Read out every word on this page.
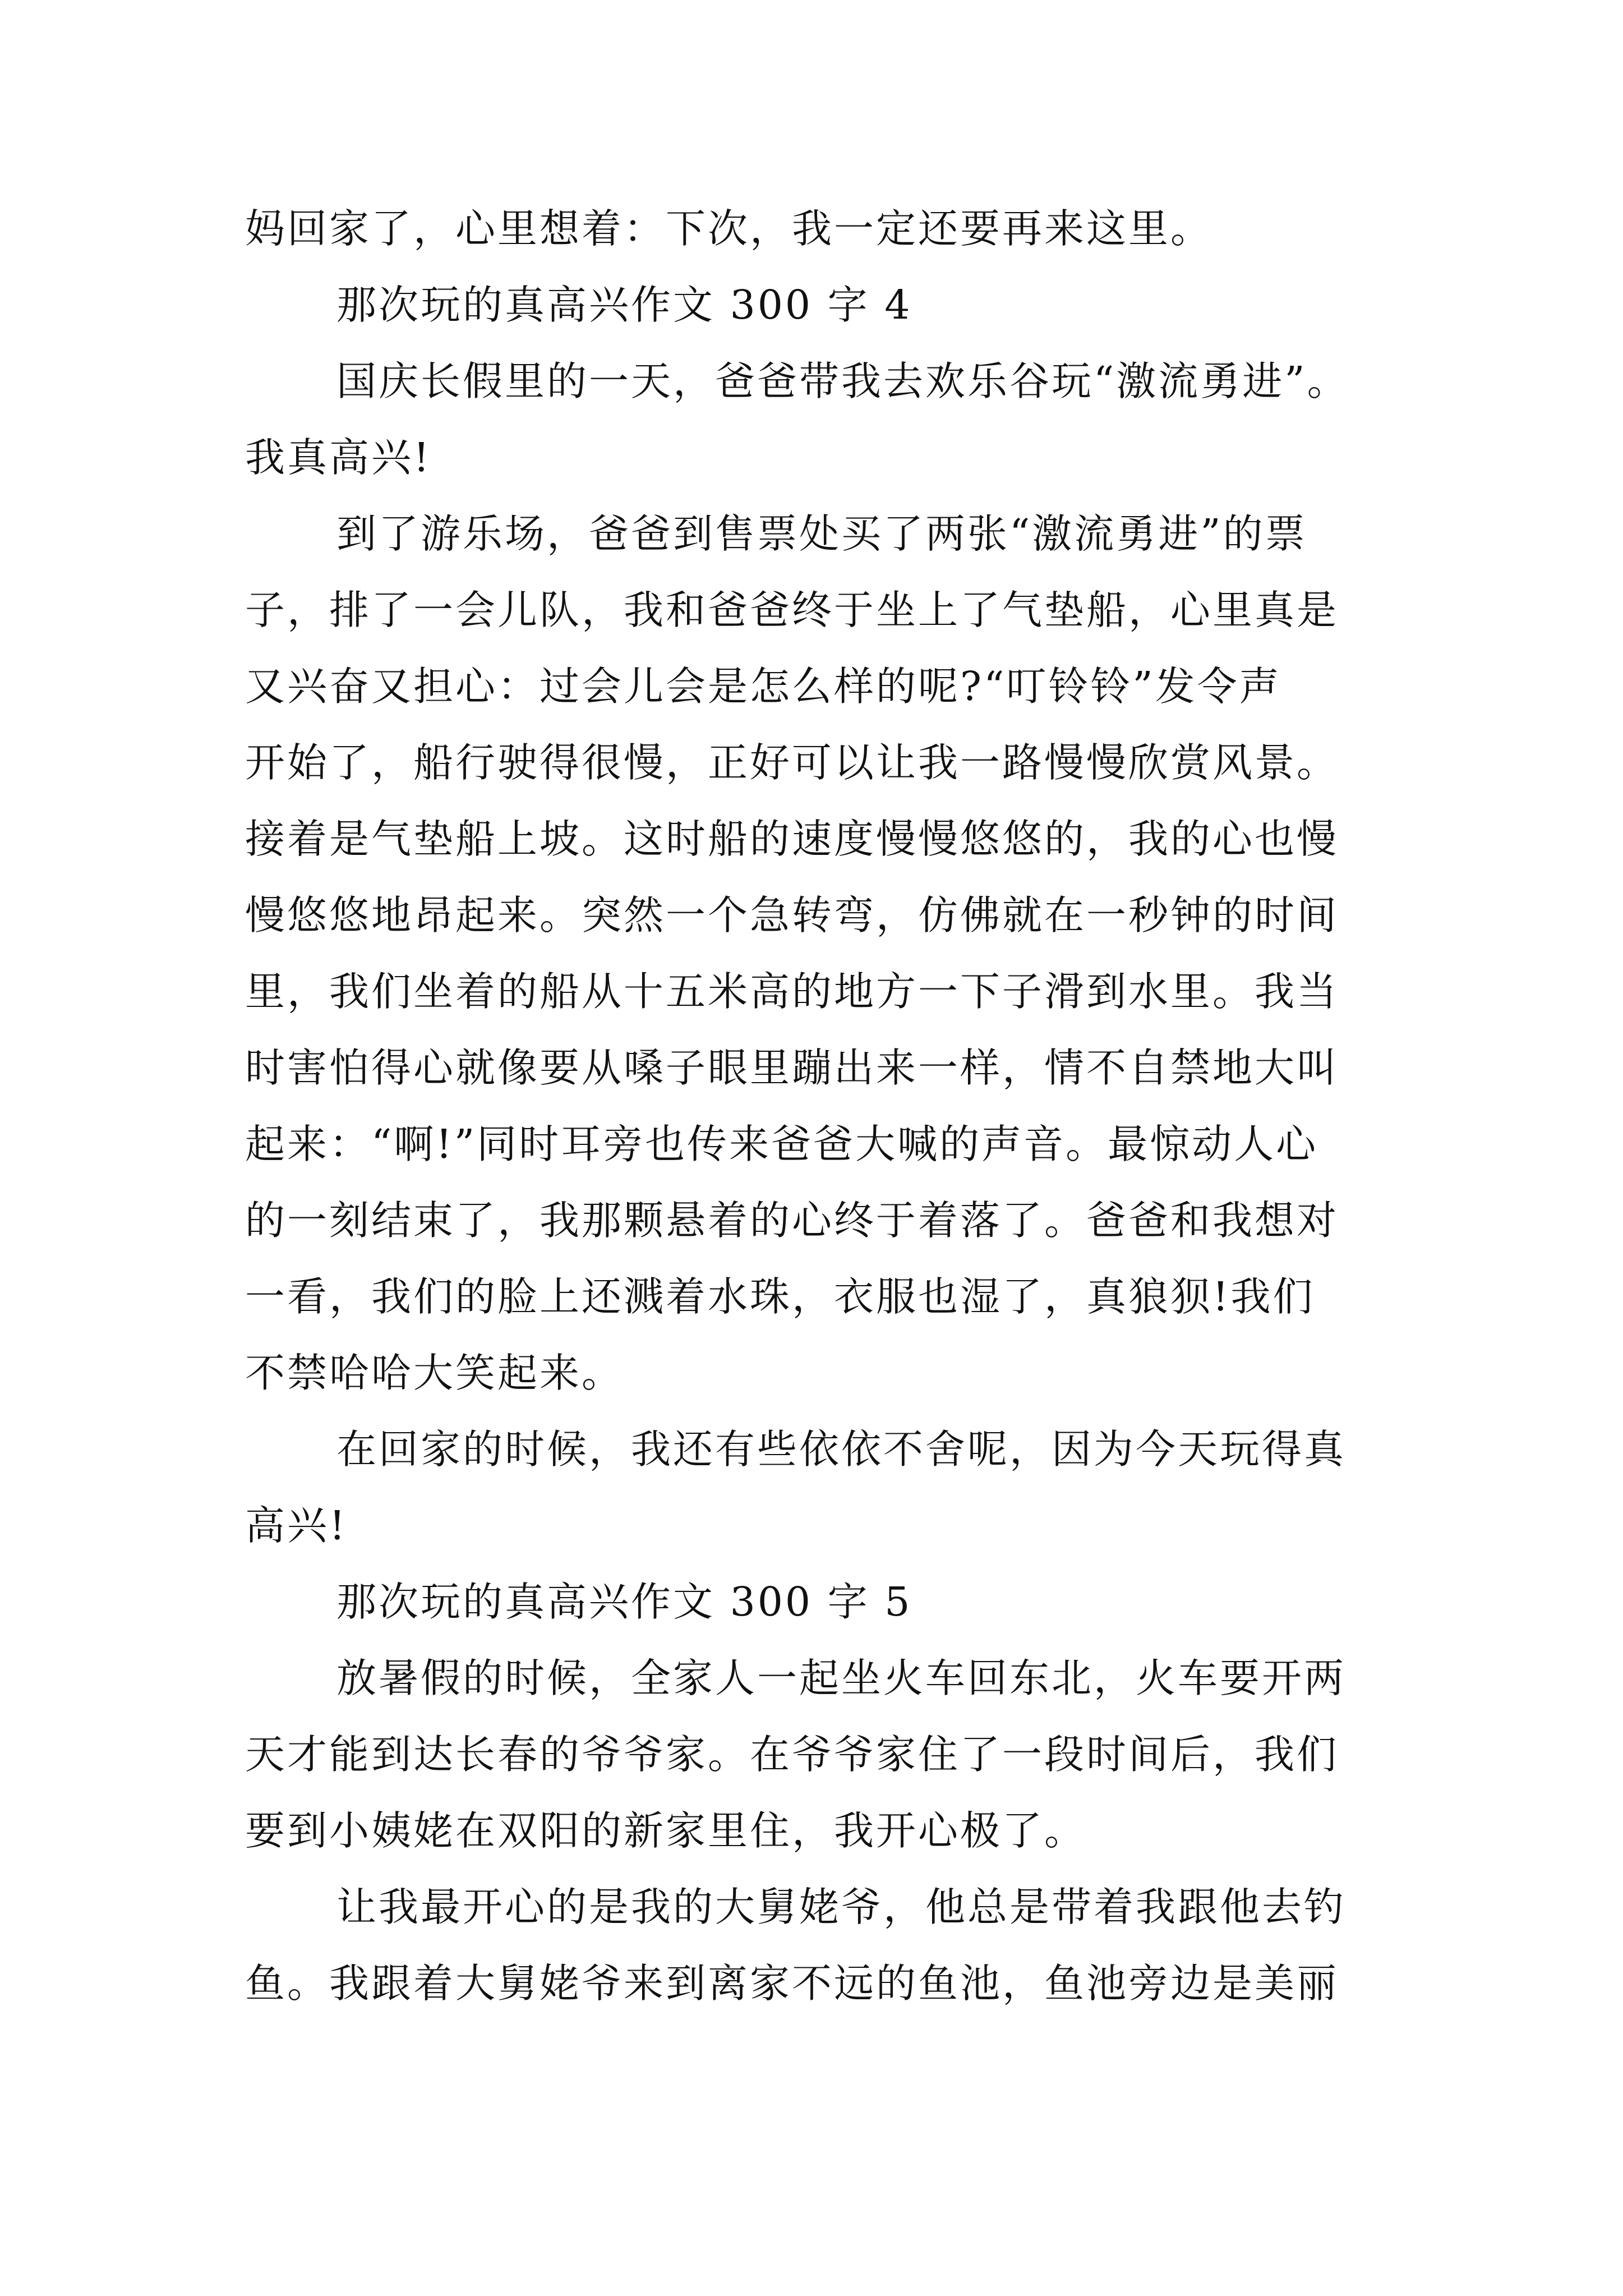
妈回家了，心里想着：下次，我一定还要再来这里。
那次玩的真高兴作文 300 字 4
国庆长假里的一天，爸爸带我去欢乐谷玩“激流勇进”。
我真高兴!
到了游乐场，爸爸到售票处买了两张“激流勇进”的票
子，排了一会儿队，我和爸爸终于坐上了气垫船，心里真是
又兴奋又担心：过会儿会是怎么样的呢?“叮铃铃”发令声
开始了，船行驶得很慢，正好可以让我一路慢慢欣赏风景。
接着是气垫船上坡。这时船的速度慢慢悠悠的，我的心也慢
慢悠悠地昂起来。突然一个急转弯，仿佛就在一秒钟的时间
里，我们坐着的船从十五米高的地方一下子滑到水里。我当
时害怕得心就像要从嗓子眼里蹦出来一样，情不自禁地大叫
起来：“啊!”同时耳旁也传来爸爸大喊的声音。最惊动人心
的一刻结束了，我那颗悬着的心终于着落了。爸爸和我想对
一看，我们的脸上还溅着水珠，衣服也湿了，真狼狈!我们
不禁哈哈大笑起来。
在回家的时候，我还有些依依不舍呢，因为今天玩得真
高兴!
那次玩的真高兴作文 300 字 5
放暑假的时候，全家人一起坐火车回东北，火车要开两
天才能到达长春的爷爷家。在爷爷家住了一段时间后，我们
要到小姨姥在双阳的新家里住，我开心极了。
让我最开心的是我的大舅姥爷，他总是带着我跟他去钓
鱼。我跟着大舅姥爷来到离家不远的鱼池，鱼池旁边是美丽
